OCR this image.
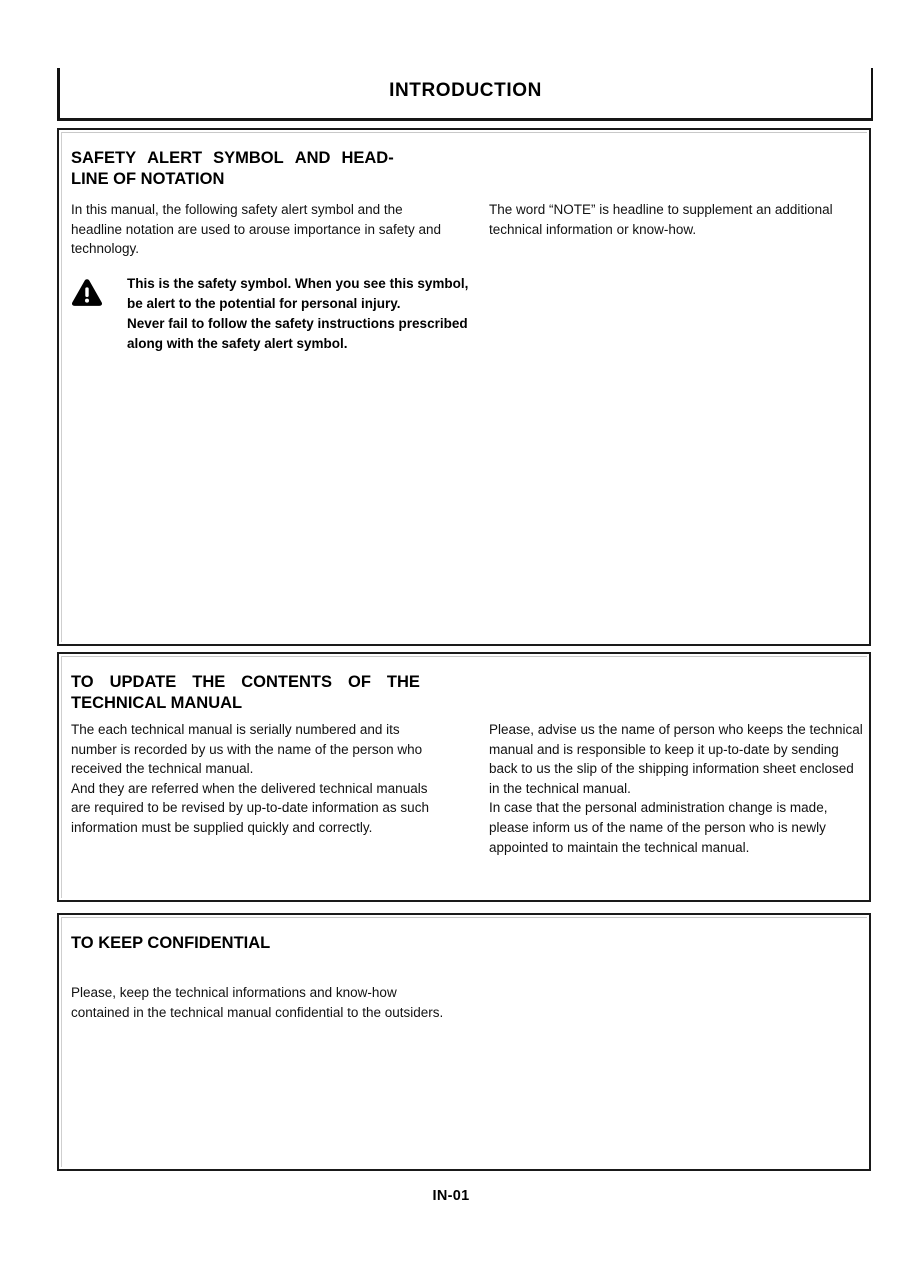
INTRODUCTION
SAFETY ALERT SYMBOL AND HEAD-
LINE OF NOTATION

In this manual, the following safety alert symbol and the headline notation are used to arouse importance in safety and technology.

The word “NOTE” is headline to supplement an additional technical information or know-how.

This is the safety symbol. When you see this symbol, be alert to the potential for personal injury.

Never fail to follow the safety instructions prescribed along with the safety alert symbol.

TO UPDATE THE CONTENTS OF THE
TECHNICAL MANUAL

The each technical manual is serially numbered and its number is recorded by us with the name of the person who received the technical manual.

And they are referred when the delivered technical manuals are required to be revised by up-to-date information as such information must be supplied quickly and correctly.

Please, advise us the name of person who keeps the technical manual and is responsible to keep it up-to-date by sending back to us the slip of the shipping information sheet enclosed in the technical manual.

In case that the personal administration change is made, please inform us of the name of the person who is newly appointed to maintain the technical manual.

TO KEEP CONFIDENTIAL

Please, keep the technical informations and know-how contained in the technical manual confidential to the outsiders.

IN-01
